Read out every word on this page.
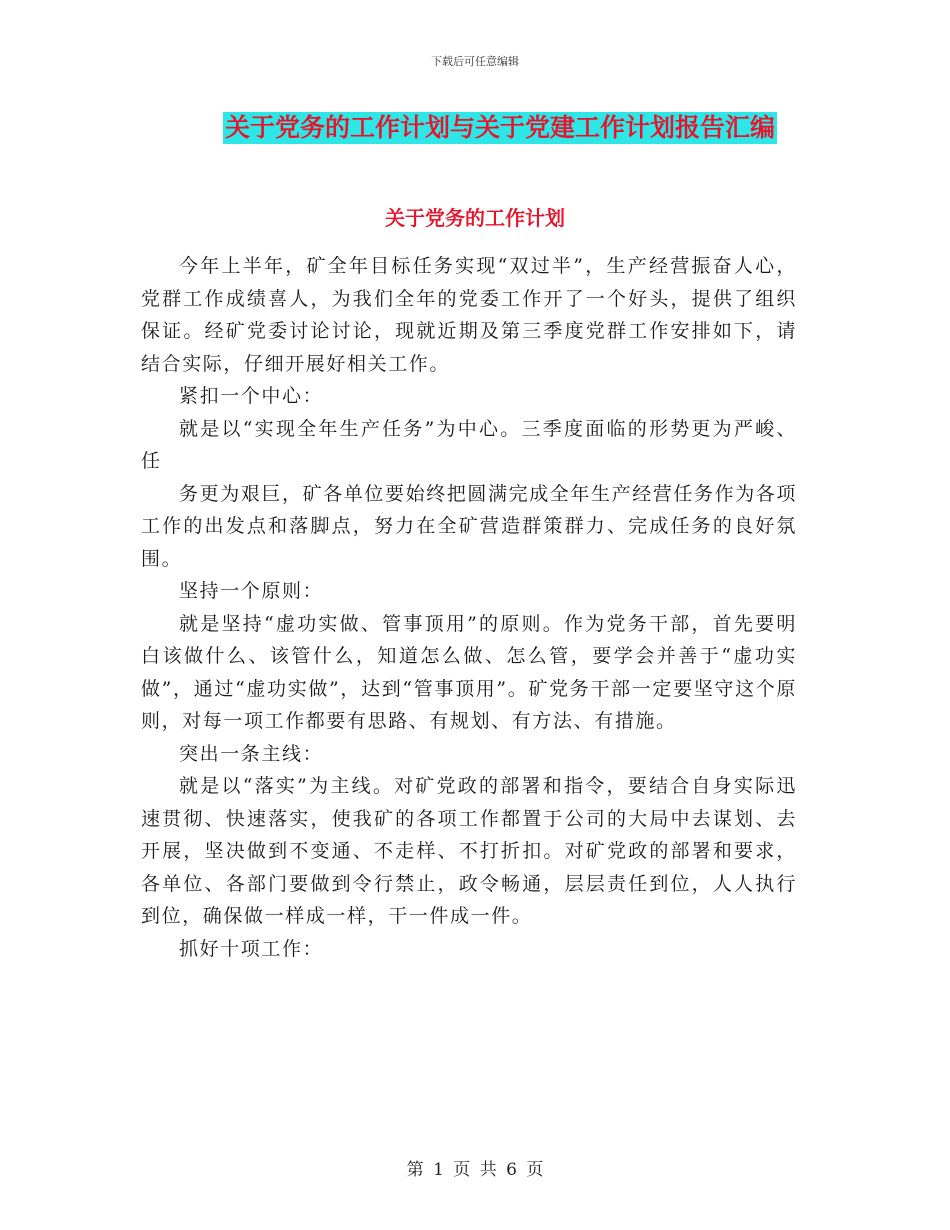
下载后可任意编辑
关于党务的工作计划与关于党建工作计划报告汇编
关于党务的工作计划

今年上半年，矿全年目标任务实现“双过半”，生产经营振奋人心，党群工作成绩喜人，为我们全年的党委工作开了一个好头，提供了组织保证。经矿党委讨论讨论，现就近期及第三季度党群工作安排如下，请结合实际，仔细开展好相关工作。

紧扣一个中心：

就是以“实现全年生产任务”为中心。三季度面临的形势更为严峻、任

务更为艰巨，矿各单位要始终把圆满完成全年生产经营任务作为各项工作的出发点和落脚点，努力在全矿营造群策群力、完成任务的良好氛围。

坚持一个原则：

就是坚持“虚功实做、管事顶用”的原则。作为党务干部，首先要明白该做什么、该管什么，知道怎么做、怎么管，要学会并善于“虚功实做”，通过“虚功实做”，达到“管事顶用”。矿党务干部一定要坚守这个原则，对每一项工作都要有思路、有规划、有方法、有措施。

突出一条主线：

就是以“落实”为主线。对矿党政的部署和指令，要结合自身实际迅速贯彻、快速落实，使我矿的各项工作都置于公司的大局中去谋划、去开展，坚决做到不变通、不走样、不打折扣。对矿党政的部署和要求，各单位、各部门要做到令行禁止，政令畅通，层层责任到位，人人执行到位，确保做一样成一样，干一件成一件。

抓好十项工作：

第 1 页 共 6 页
